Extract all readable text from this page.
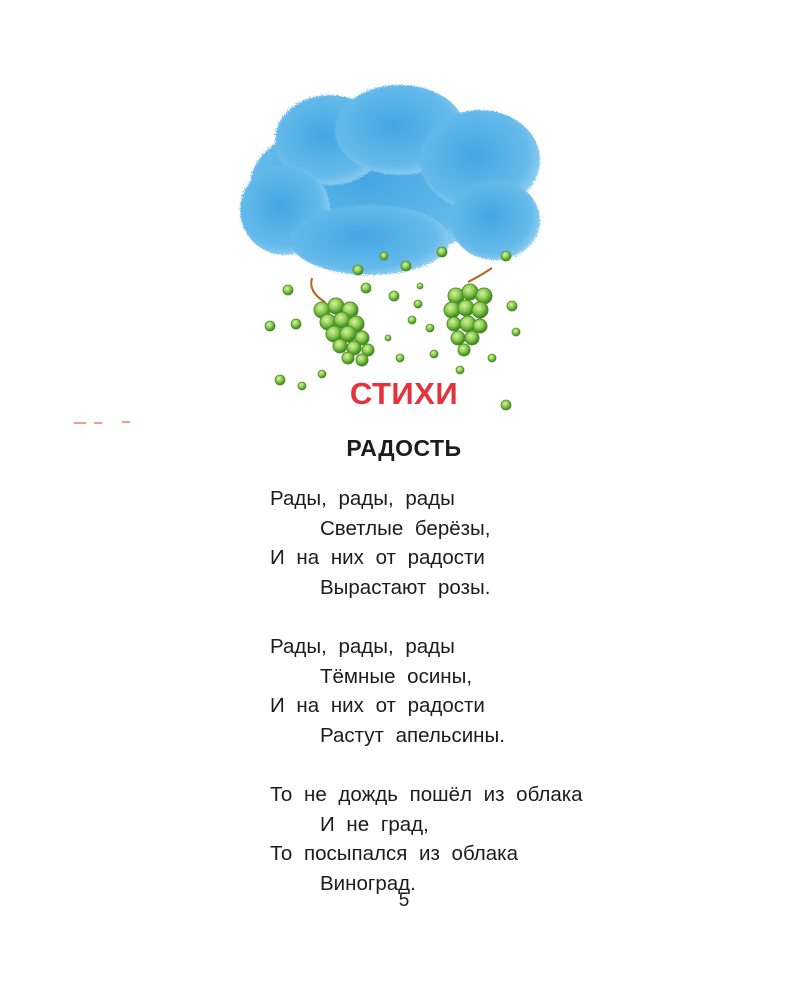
СТИХИ
РАДОСТЬ
Рады, рады, рады
Светлые берёзы,
И на них от радости
Вырастают розы.
Рады, рады, рады
Тёмные осины,
И на них от радости
Растут апельсины.
То не дождь пошёл из облака
И не град,
То посыпался из облака
Виноград.
5
